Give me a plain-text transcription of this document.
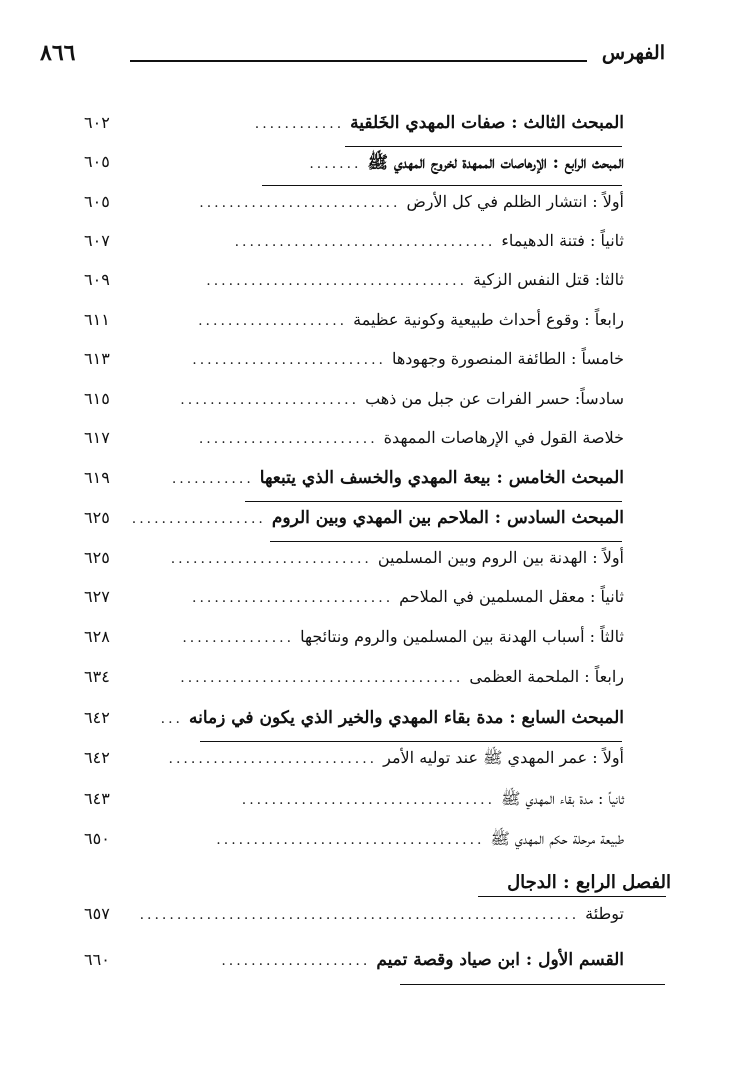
الفهرس
٨٦٦
المبحث الثالث : صفات المهدي الخَلقية
............
٦٠٢
المبحث الرابع : الإرهاصات الممهدة لخروج المهدي ﷺ
.......
٦٠٥
أولاً : انتشار الظلم في كل الأرض
...........................
٦٠٥
ثانياً : فتنة الدهيماء
...................................
٦٠٧
ثالثا: قتل النفس الزكية
...................................
٦٠٩
رابعاً : وقوع أحداث طبيعية وكونية عظيمة
....................
٦١١
خامساً : الطائفة المنصورة وجهودها
..........................
٦١٣
سادساً: حسر الفرات عن جبل من ذهب
........................
٦١٥
خلاصة القول في الإرهاصات الممهدة
........................
٦١٧
المبحث الخامس : بيعة المهدي والخسف الذي يتبعها
...........
٦١٩
المبحث السادس : الملاحم بين المهدي وبين الروم
..................
٦٢٥
أولاً : الهدنة بين الروم وبين المسلمين
...........................
٦٢٥
ثانياً : معقل المسلمين في الملاحم
...........................
٦٢٧
ثالثاً : أسباب الهدنة بين المسلمين والروم ونتائجها
...............
٦٢٨
رابعاً : الملحمة العظمى
......................................
٦٣٤
المبحث السابع : مدة بقاء المهدي والخير الذي يكون في زمانه
...
٦٤٢
أولاً : عمر المهدي ﷺ عند توليه الأمر
............................
٦٤٢
ثانياً : مدة بقاء المهدي ﷺ
..................................
٦٤٣
طبيعة مرحلة حكم المهدي ﷺ
....................................
٦٥٠
الفصل الرابع : الدجال
توطئة
...........................................................
٦٥٧
القسم الأول : ابن صياد وقصة تميم
....................
٦٦٠
